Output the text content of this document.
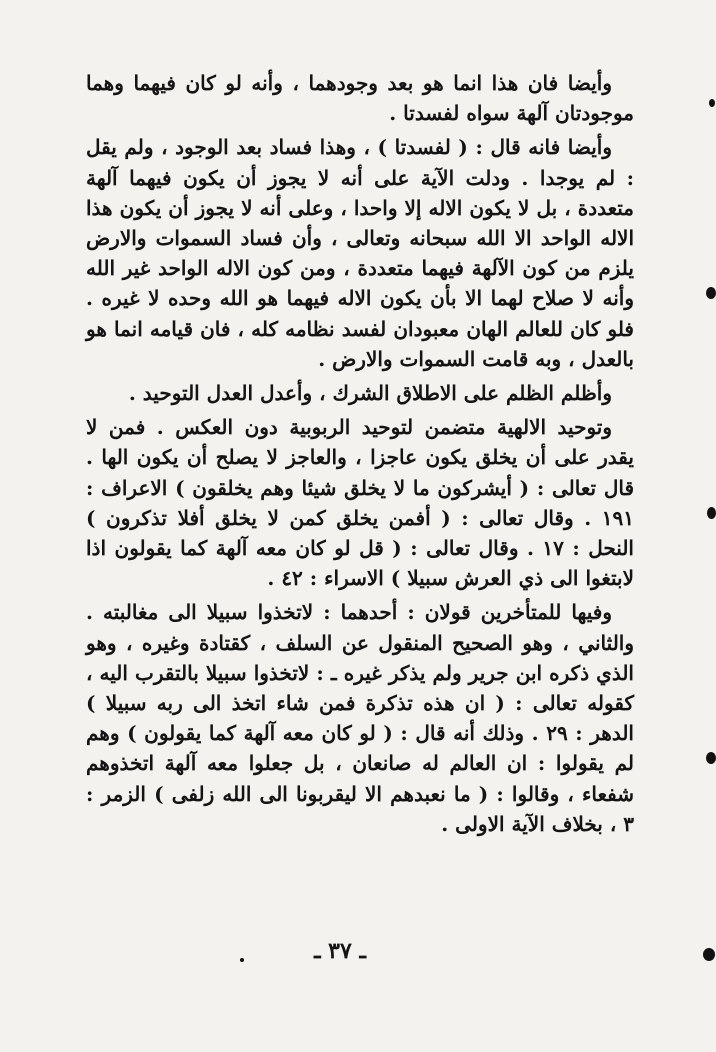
وأيضا فان هذا انما هو بعد وجودهما ، وأنه لو كان فيهما وهما موجودتان آلهة سواه لفسدتا .

وأيضا فانه قال : ( لفسدتا ) ، وهذا فساد بعد الوجود ، ولم يقل : لم يوجدا . ودلت الآية على أنه لا يجوز أن يكون فيهما آلهة متعددة ، بل لا يكون الاله إلا واحدا ، وعلى أنه لا يجوز أن يكون هذا الاله الواحد الا الله سبحانه وتعالى ، وأن فساد السموات والارض يلزم من كون الآلهة فيهما متعددة ، ومن كون الاله الواحد غير الله وأنه لا صلاح لهما الا بأن يكون الاله فيهما هو الله وحده لا غيره . فلو كان للعالم الهان معبودان لفسد نظامه كله ، فان قيامه انما هو بالعدل ، وبه قامت السموات والارض .

وأظلم الظلم على الاطلاق الشرك ، وأعدل العدل التوحيد .

وتوحيد الالهية متضمن لتوحيد الربوبية دون العكس . فمن لا يقدر على أن يخلق يكون عاجزا ، والعاجز لا يصلح أن يكون الها . قال تعالى : ( أيشركون ما لا يخلق شيئا وهم يخلقون ) الاعراف : ١٩١ . وقال تعالى : ( أفمن يخلق كمن لا يخلق أفلا تذكرون ) النحل : ١٧ . وقال تعالى : ( قل لو كان معه آلهة كما يقولون اذا لابتغوا الى ذي العرش سبيلا ) الاسراء : ٤٢ .

وفيها للمتأخرين قولان : أحدهما : لاتخذوا سبيلا الى مغالبته . والثاني ، وهو الصحيح المنقول عن السلف ، كقتادة وغيره ، وهو الذي ذكره ابن جرير ولم يذكر غيره ـ : لاتخذوا سبيلا بالتقرب اليه ، كقوله تعالى : ( ان هذه تذكرة فمن شاء اتخذ الى ربه سبيلا ) الدهر : ٢٩ . وذلك أنه قال : ( لو كان معه آلهة كما يقولون ) وهم لم يقولوا : ان العالم له صانعان ، بل جعلوا معه آلهة اتخذوهم شفعاء ، وقالوا : ( ما نعبدهم الا ليقربونا الى الله زلفى ) الزمر : ٣ ، بخلاف الآية الاولى .

ـ ٣٧ ـ
